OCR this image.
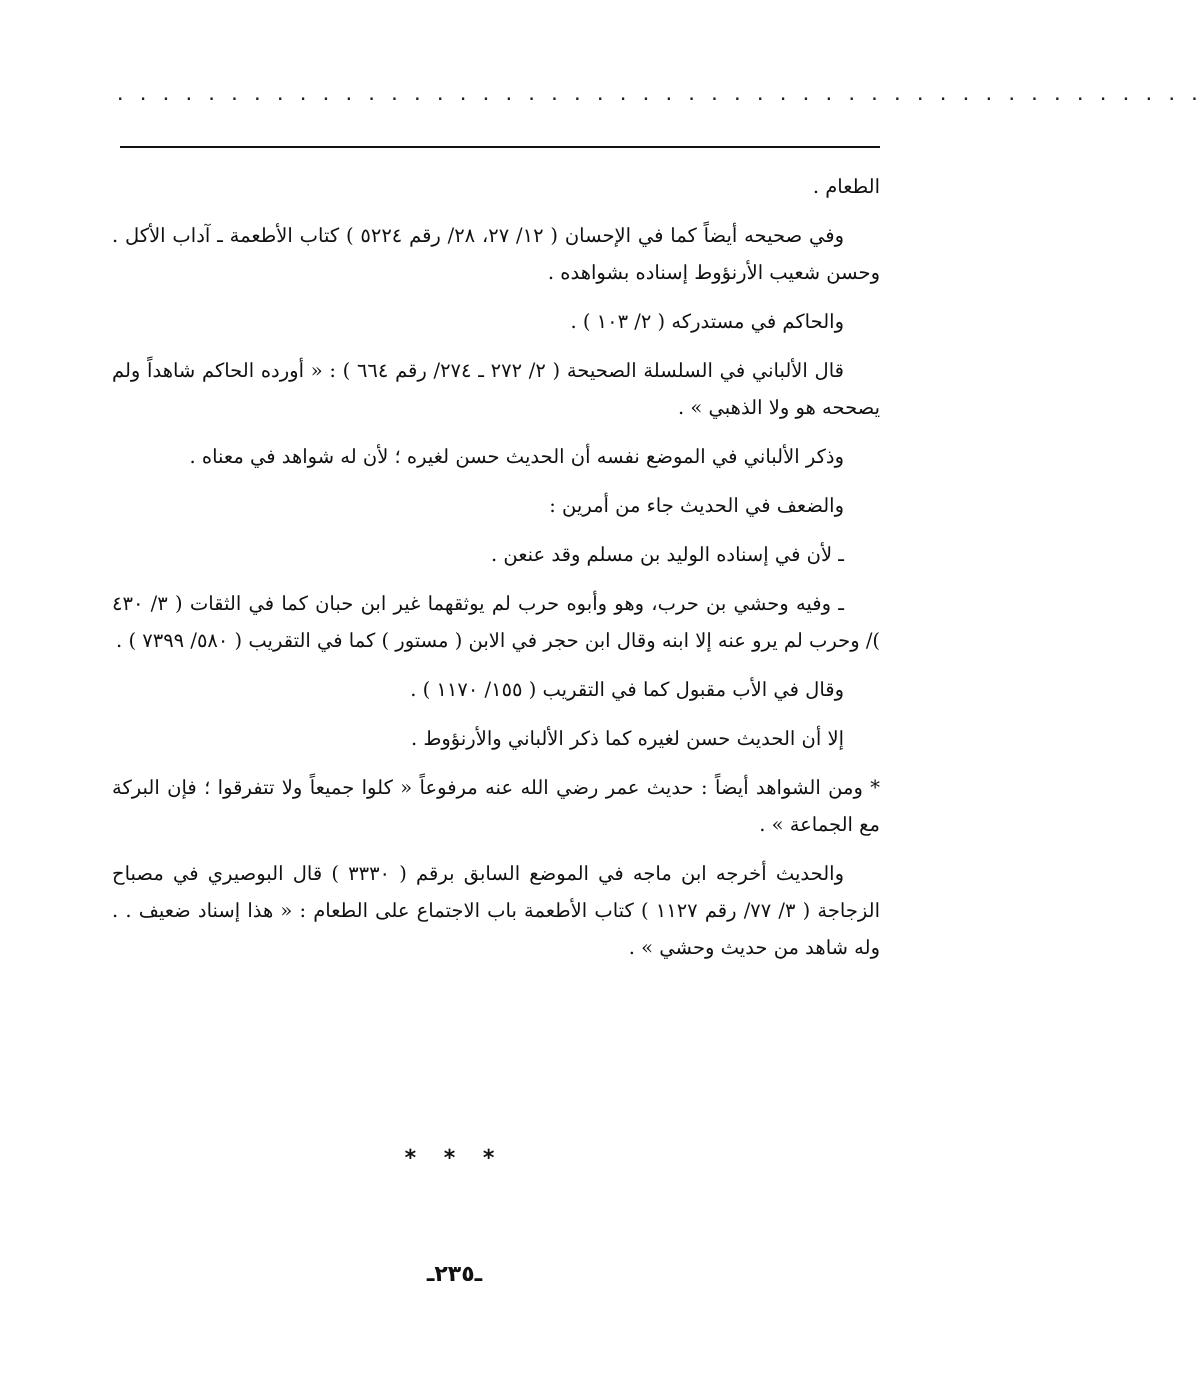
. . . . . . . . . . . . . . . . . . . . . . . . . . . . . . . . . . . . . . . . . . . . . . . .

الطعام .

وفي صحيحه أيضاً كما في الإحسان ( ١٢/ ٢٧، ٢٨/ رقم ٥٢٢٤ ) كتاب الأطعمة ـ آداب الأكل . وحسن شعيب الأرنؤوط إسناده بشواهده .

والحاكم في مستدركه ( ٢/ ١٠٣ ) .

قال الألباني في السلسلة الصحيحة ( ٢/ ٢٧٢ ـ ٢٧٤/ رقم ٦٦٤ ) : « أورده الحاكم شاهداً ولم يصححه هو ولا الذهبي » .

وذكر الألباني في الموضع نفسه أن الحديث حسن لغيره ؛ لأن له شواهد في معناه .

والضعف في الحديث جاء من أمرين :

ـ لأن في إسناده الوليد بن مسلم وقد عنعن .

ـ وفيه وحشي بن حرب، وهو وأبوه حرب لم يوثقهما غير ابن حبان كما في الثقات ( ٣/ ٤٣٠ )/ وحرب لم يرو عنه إلا ابنه وقال ابن حجر في الابن ( مستور ) كما في التقريب ( ٥٨٠/ ٧٣٩٩ ) .

وقال في الأب مقبول كما في التقريب ( ١٥٥/ ١١٧٠ ) .

إلا أن الحديث حسن لغيره كما ذكر الألباني والأرنؤوط .

* ومن الشواهد أيضاً : حديث عمر رضي الله عنه مرفوعاً « كلوا جميعاً ولا تتفرقوا ؛ فإن البركة مع الجماعة » .

والحديث أخرجه ابن ماجه في الموضع السابق برقم ( ٣٣٣٠ ) قال البوصيري في مصباح الزجاجة ( ٣/ ٧٧/ رقم ١١٢٧ ) كتاب الأطعمة باب الاجتماع على الطعام : « هذا إسناد ضعيف . . وله شاهد من حديث وحشي » .

* * *
ـ٢٣٥ـ
